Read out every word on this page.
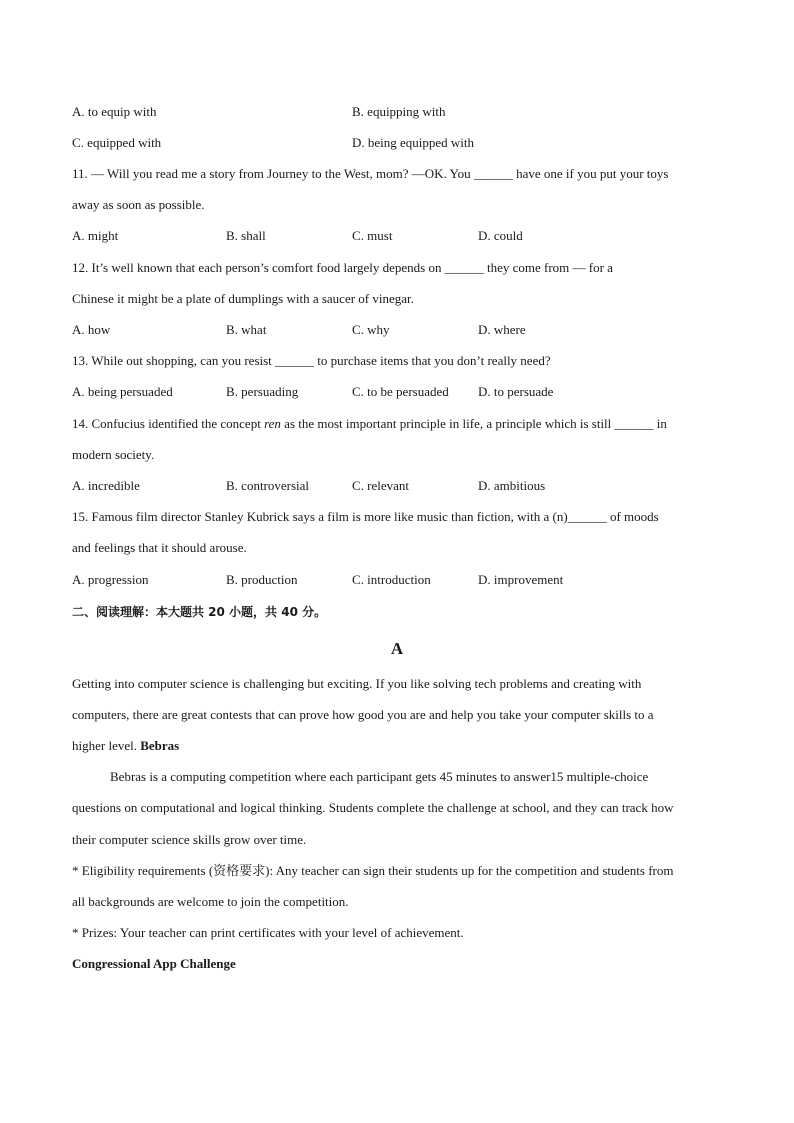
A. to equip with	B. equipping with
C. equipped with	D. being equipped with
11. — Will you read me a story from Journey to the West, mom? —OK. You ______ have one if you put your toys
away as soon as possible.
A. might	B. shall	C. must	D. could
12. It’s well known that each person’s comfort food largely depends on ______ they come from — for a
Chinese it might be a plate of dumplings with a saucer of vinegar.
A. how	B. what	C. why	D. where
13. While out shopping, can you resist ______ to purchase items that you don’t really need?
A. being persuaded	B. persuading	C. to be persuaded D. to persuade
14. Confucius identified the concept ren as the most important principle in life, a principle which is still ______ in
modern society.
A. incredible	B. controversial	C. relevant	D. ambitious
15. Famous film director Stanley Kubrick says a film is more like music than fiction, with a (n)______ of moods
and feelings that it should arouse.
A. progression	B. production	C. introduction	D. improvement
二、阅读理解：本大题共 20 小题，共 40 分。
A
Getting into computer science is challenging but exciting. If you like solving tech problems and creating with
computers, there are great contests that can prove how good you are and help you take your computer skills to a
higher level. Bebras
Bebras is a computing competition where each participant gets 45 minutes to answer15 multiple-choice
questions on computational and logical thinking. Students complete the challenge at school, and they can track how
their computer science skills grow over time.
* Eligibility requirements (资格要求): Any teacher can sign their students up for the competition and students from
all backgrounds are welcome to join the competition.
* Prizes: Your teacher can print certificates with your level of achievement.
Congressional App Challenge
